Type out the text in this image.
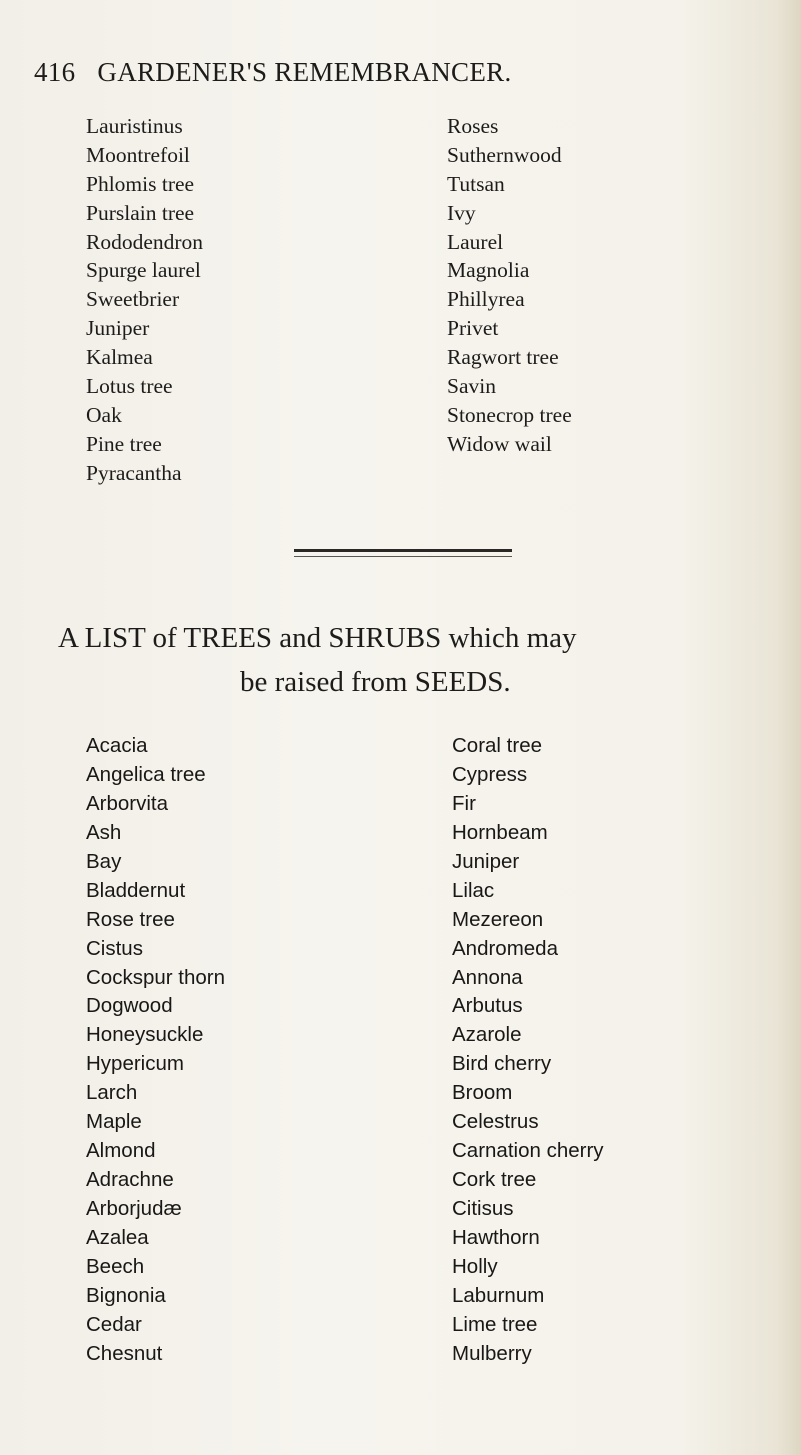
416 GARDENER'S REMEMBRANCER.
Lauristinus
Moontrefoil
Phlomis tree
Purslain tree
Rododendron
Spurge laurel
Sweetbrier
Juniper
Kalmea
Lotus tree
Oak
Pine tree
Pyracantha
Roses
Suthernwood
Tutsan
Ivy
Laurel
Magnolia
Phillyrea
Privet
Ragwort tree
Savin
Stonecrop tree
Widow wail
A LIST of TREES and SHRUBS which may
be raised from SEEDS.
Acacia
Angelica tree
Arborvita
Ash
Bay
Bladdernut
Rose tree
Cistus
Cockspur thorn
Dogwood
Honeysuckle
Hypericum
Larch
Maple
Almond
Adrachne
Arborjudæ
Azalea
Beech
Bignonia
Cedar
Chesnut
Coral tree
Cypress
Fir
Hornbeam
Juniper
Lilac
Mezereon
Andromeda
Annona
Arbutus
Azarole
Bird cherry
Broom
Celestrus
Carnation cherry
Cork tree
Citisus
Hawthorn
Holly
Laburnum
Lime tree
Mulberry
